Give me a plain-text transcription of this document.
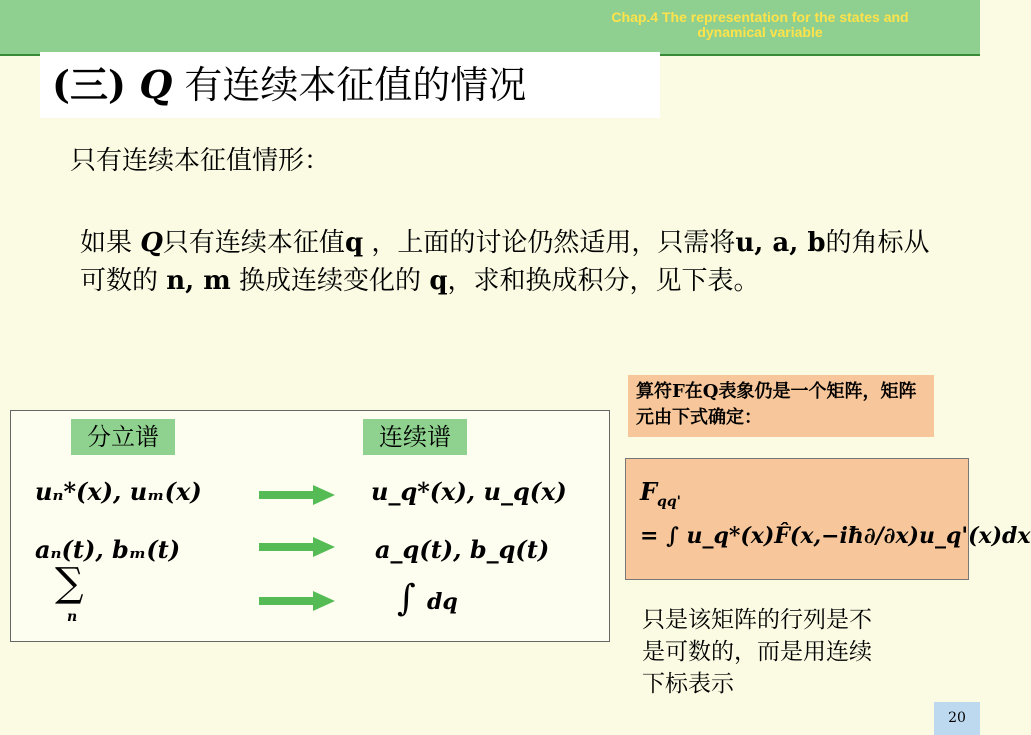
Chap.4 The representation for the states and dynamical variable
(三) Q 有连续本征值的情况
只有连续本征值情形：
如果 Q只有连续本征值q ，上面的讨论仍然适用，只需将u, a, b的角标从可数的 n, m 换成连续变化的 q，求和换成积分，见下表。
分立谱	连续谱
uₙ*(x), uₘ(x)	u_q*(x), u_q(x)
aₙ(t), bₘ(t)	a_q(t), b_q(t)
∑
n	∫ dq
算符F在Q表象仍是一个矩阵，矩阵元由下式确定：
$F_{qq'}$
= ∫ u_q*(x)F̂(x,−iħ∂/∂x)u_q'(x)dx
只是该矩阵的行列是不是可数的，而是用连续下标表示
20
